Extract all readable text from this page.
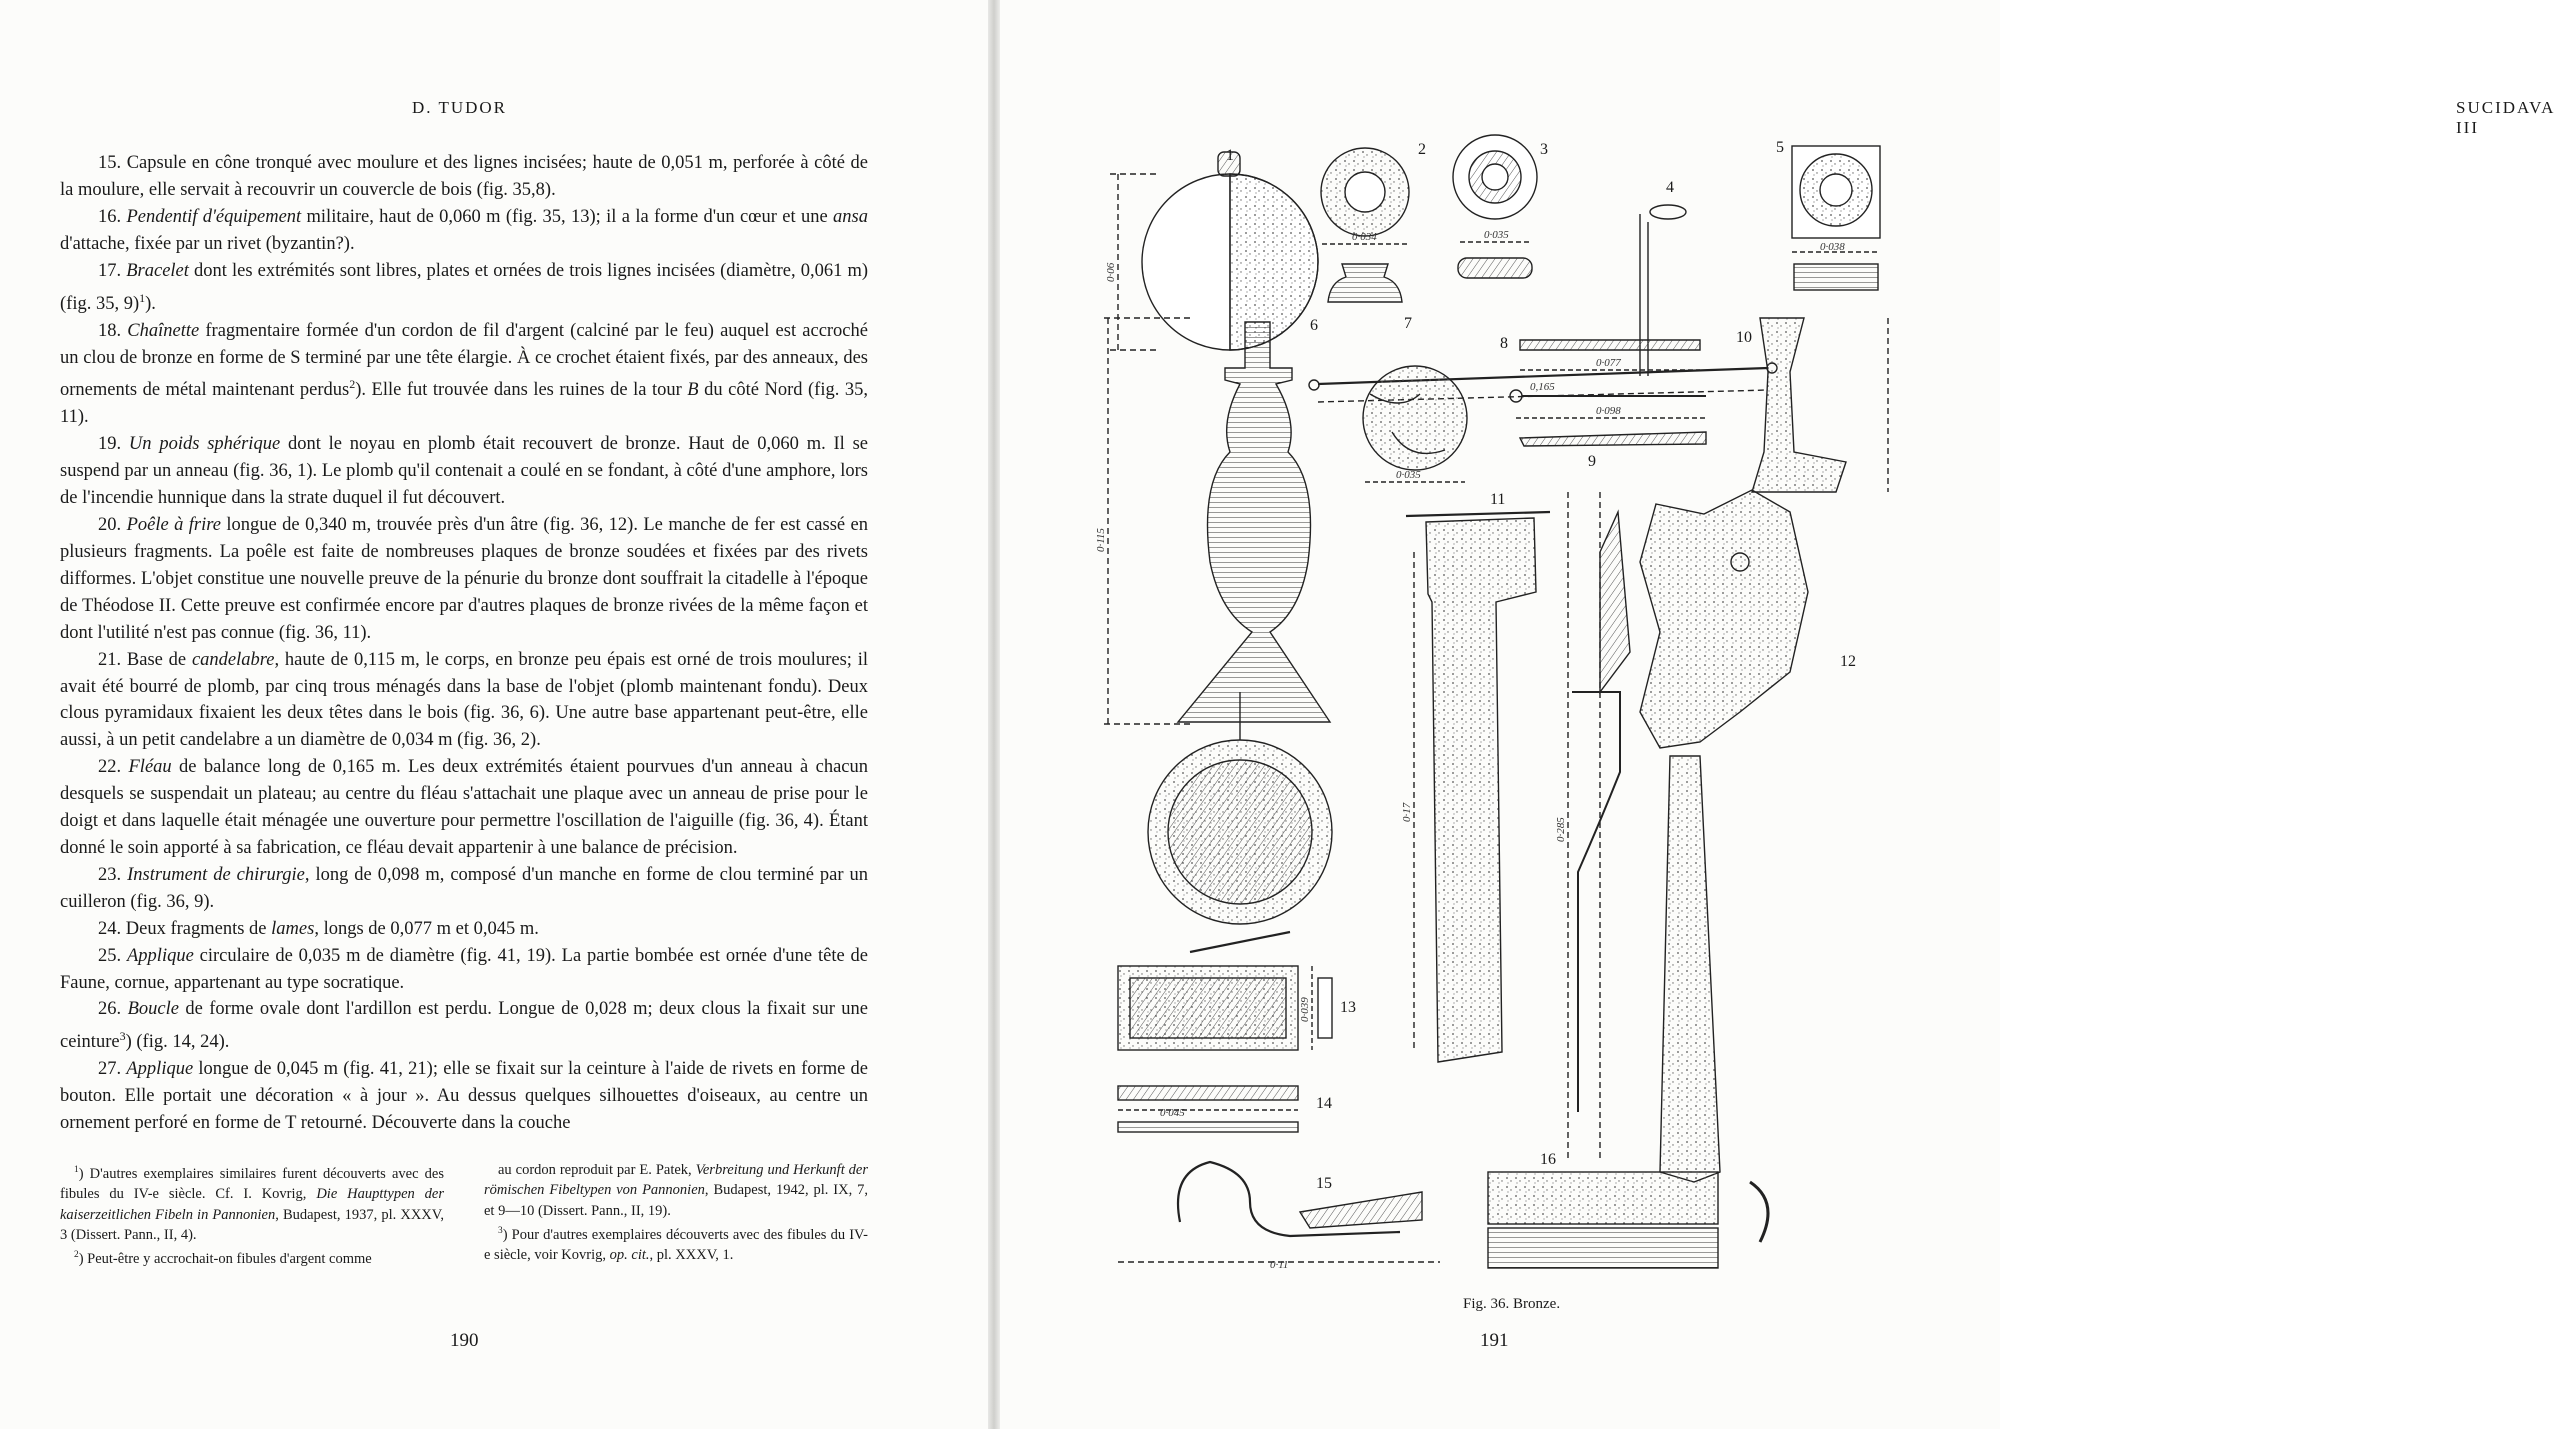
D. TUDOR

15. Capsule en cône tronqué avec moulure et des lignes incisées; haute de 0,051 m, perforée à côté de la moulure, elle servait à recouvrir un couvercle de bois (fig. 35,8).

16. Pendentif d'équipement militaire, haut de 0,060 m (fig. 35, 13); il a la forme d'un cœur et une ansa d'attache, fixée par un rivet (byzantin?).

17. Bracelet dont les extrémités sont libres, plates et ornées de trois lignes incisées (diamètre, 0,061 m) (fig. 35, 9)$^1$).

18. Chaînette fragmentaire formée d'un cordon de fil d'argent (calciné par le feu) auquel est accroché un clou de bronze en forme de S terminé par une tête élargie. À ce crochet étaient fixés, par des anneaux, des ornements de métal maintenant perdus$^2$). Elle fut trouvée dans les ruines de la tour B du côté Nord (fig. 35, 11).

19. Un poids sphérique dont le noyau en plomb était recouvert de bronze. Haut de 0,060 m. Il se suspend par un anneau (fig. 36, 1). Le plomb qu'il contenait a coulé en se fondant, à côté d'une amphore, lors de l'incendie hunnique dans la strate duquel il fut découvert.

20. Poêle à frire longue de 0,340 m, trouvée près d'un âtre (fig. 36, 12). Le manche de fer est cassé en plusieurs fragments. La poêle est faite de nombreuses plaques de bronze soudées et fixées par des rivets difformes. L'objet constitue une nouvelle preuve de la pénurie du bronze dont souffrait la citadelle à l'époque de Théodose II. Cette preuve est confirmée encore par d'autres plaques de bronze rivées de la même façon et dont l'utilité n'est pas connue (fig. 36, 11).

21. Base de candelabre, haute de 0,115 m, le corps, en bronze peu épais est orné de trois moulures; il avait été bourré de plomb, par cinq trous ménagés dans la base de l'objet (plomb maintenant fondu). Deux clous pyramidaux fixaient les deux têtes dans le bois (fig. 36, 6). Une autre base appartenant peut-être, elle aussi, à un petit candelabre a un diamètre de 0,034 m (fig. 36, 2).

22. Fléau de balance long de 0,165 m. Les deux extrémités étaient pourvues d'un anneau à chacun desquels se suspendait un plateau; au centre du fléau s'attachait une plaque avec un anneau de prise pour le doigt et dans laquelle était ménagée une ouverture pour permettre l'oscillation de l'aiguille (fig. 36, 4). Étant donné le soin apporté à sa fabrication, ce fléau devait appartenir à une balance de précision.

23. Instrument de chirurgie, long de 0,098 m, composé d'un manche en forme de clou terminé par un cuilleron (fig. 36, 9).

24. Deux fragments de lames, longs de 0,077 m et 0,045 m.

25. Applique circulaire de 0,035 m de diamètre (fig. 41, 19). La partie bombée est ornée d'une tête de Faune, cornue, appartenant au type socratique.

26. Boucle de forme ovale dont l'ardillon est perdu. Longue de 0,028 m; deux clous la fixait sur une ceinture$^3$) (fig. 14, 24).

27. Applique longue de 0,045 m (fig. 41, 21); elle se fixait sur la ceinture à l'aide de rivets en forme de bouton. Elle portait une décoration « à jour ». Au dessus quelques silhouettes d'oiseaux, au centre un ornement perforé en forme de T retourné. Découverte dans la couche

$^1$) D'autres exemplaires similaires furent découverts avec des fibules du IV-e siècle. Cf. I. Kovrig, Die Haupttypen der kaiserzeitlichen Fibeln in Pannonien, Budapest, 1937, pl. XXXV, 3 (Dissert. Pann., II, 4).

$^2$) Peut-être y accrochait-on fibules d'argent comme

au cordon reproduit par E. Patek, Verbreitung und Herkunft der römischen Fibeltypen von Pannonien, Budapest, 1942, pl. IX, 7, et 9—10 (Dissert. Pann., II, 19).

$^3$) Pour d'autres exemplaires découverts avec des fibules du IV-e siècle, voir Kovrig, op. cit., pl. XXXV, 1.

190
SUCIDAVA III
1	2	3
4
5
6	7
8
9
10
11
12
13
14
15
16
0·06
0·034	0·035
0·038
0,165
0·115
0·035
0·077
0·098
0·17
0·285
0·039
0·045
0·11
Fig. 36. Bronze.
191
